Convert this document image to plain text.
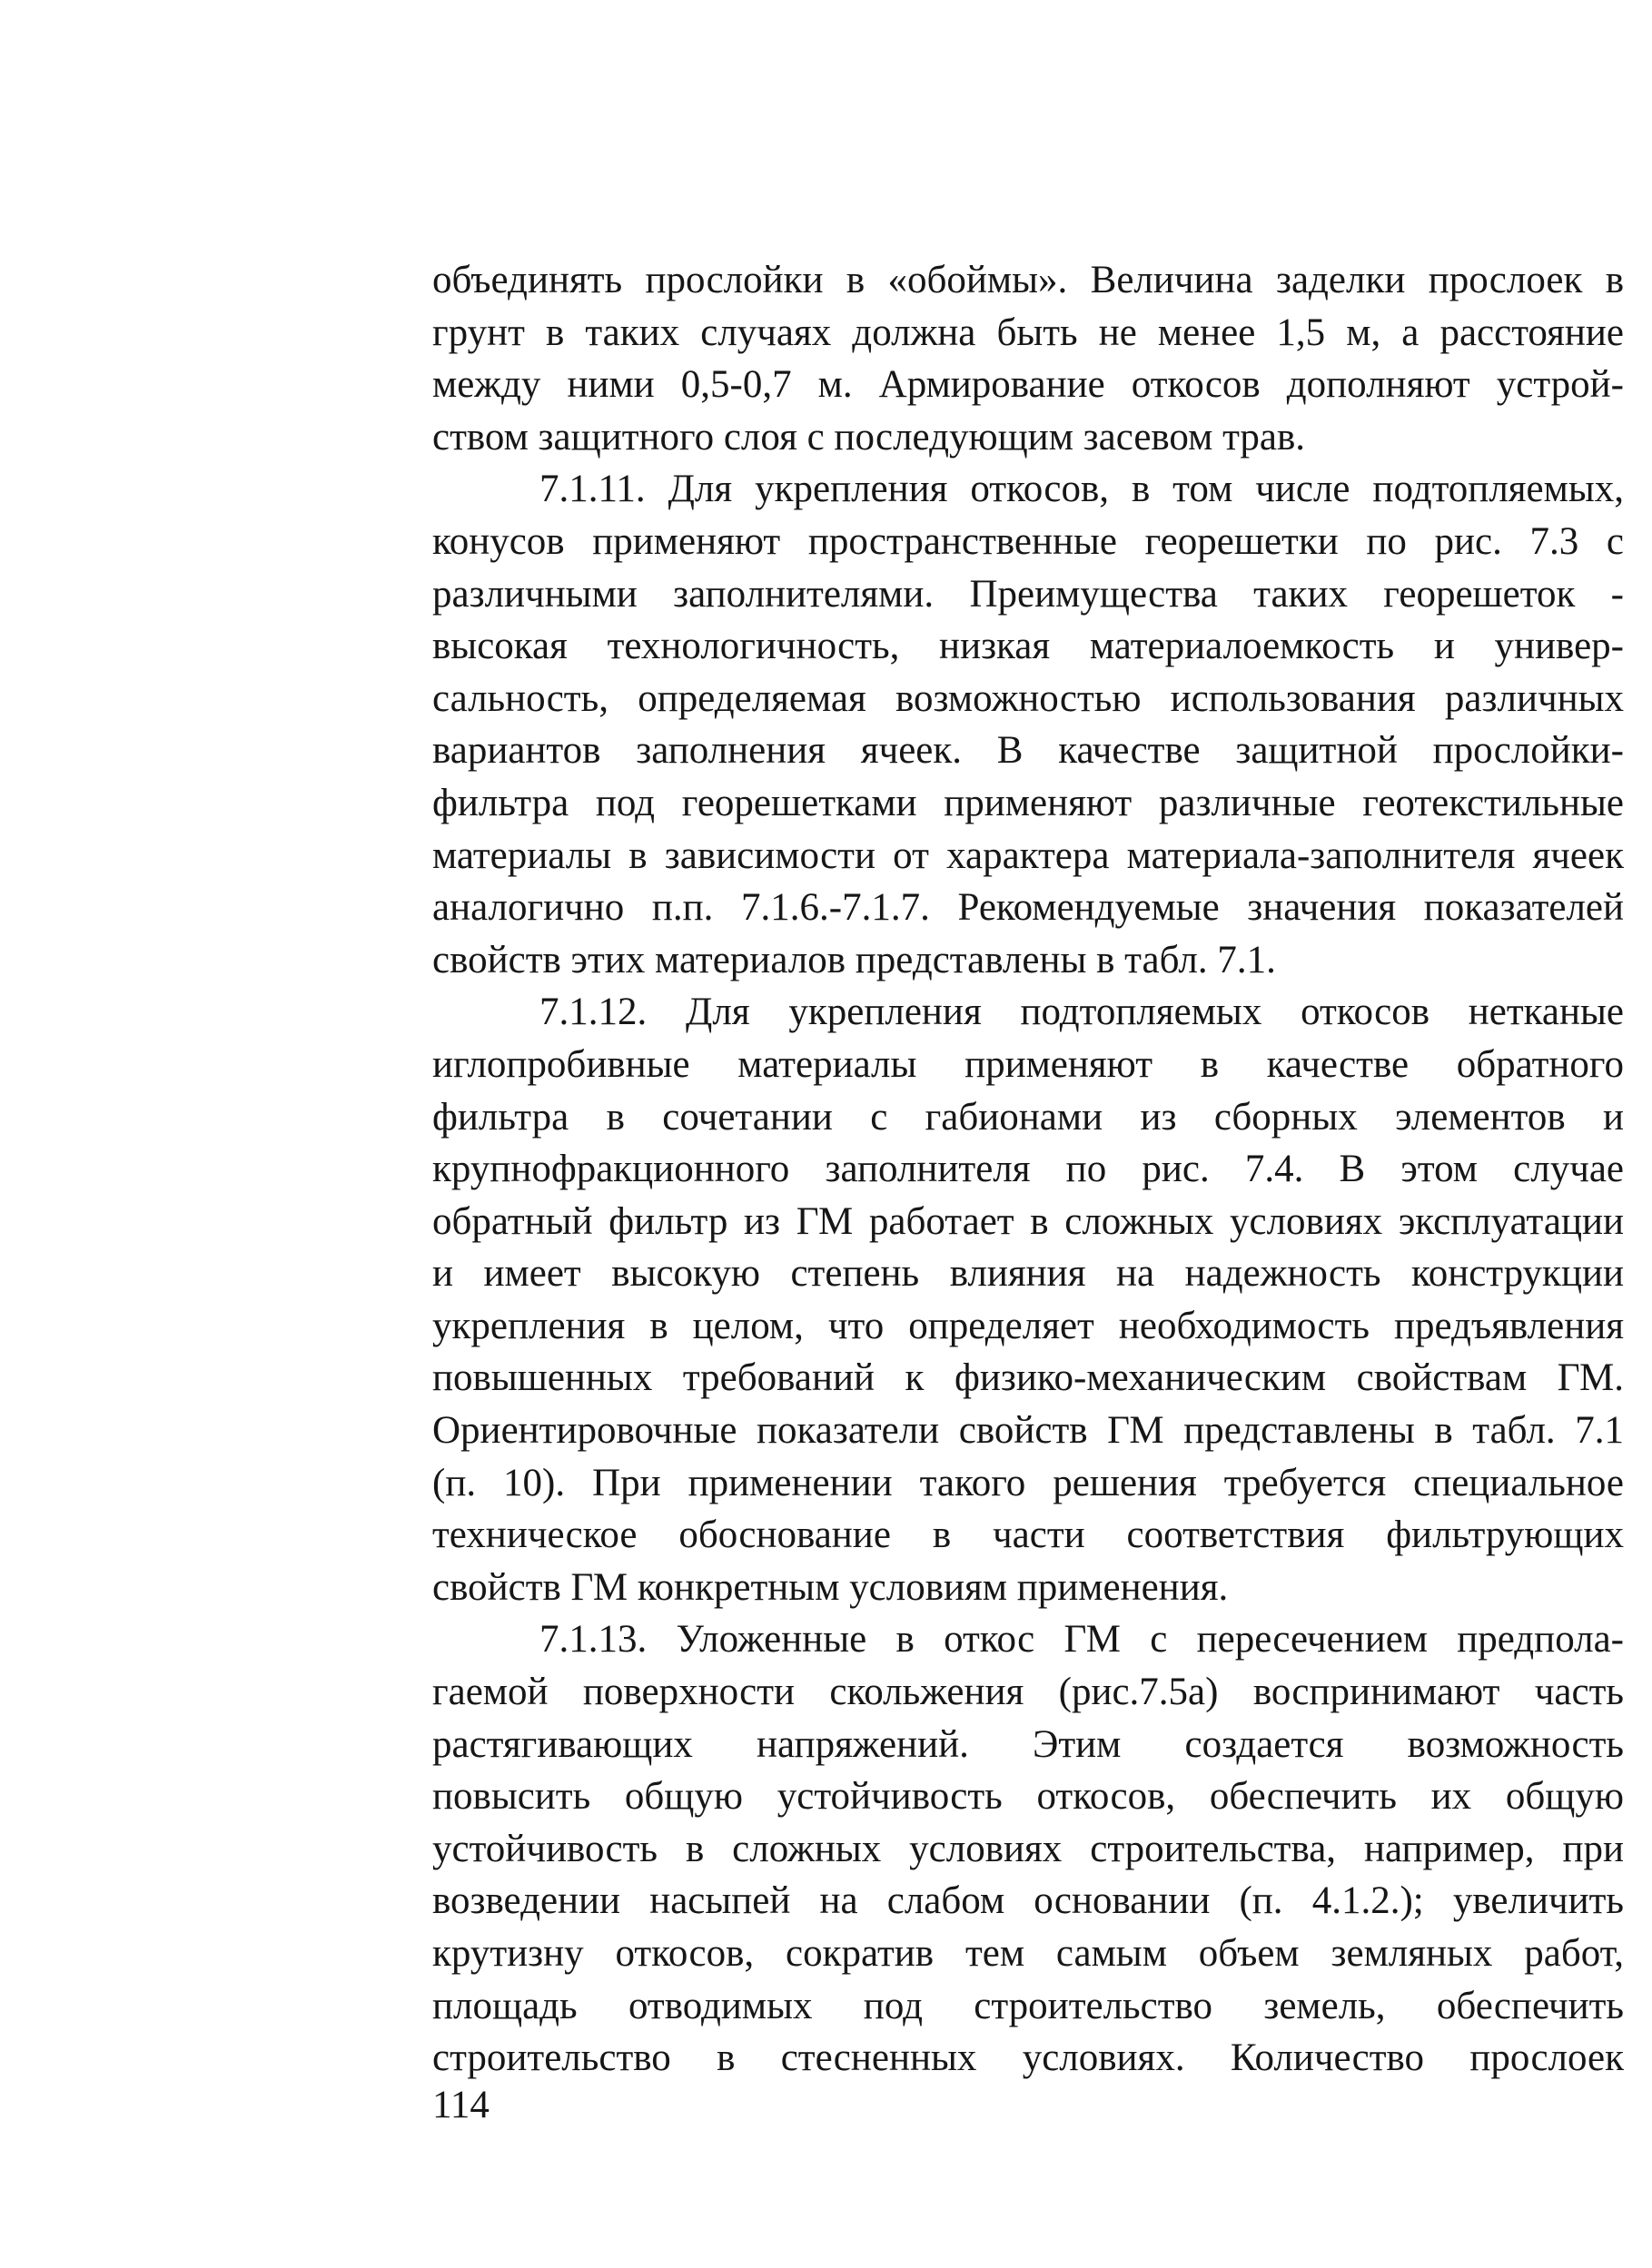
объединять прослойки в «обоймы». Величина заделки прослоек в
грунт в таких случаях должна быть не менее 1,5 м, а расстояние
между ними 0,5-0,7 м. Армирование откосов дополняют устрой-
ством защитного слоя с последующим засевом трав.
7.1.11. Для укрепления откосов, в том числе подтопляемых,
конусов применяют пространственные георешетки по рис. 7.3 с
различными заполнителями. Преимущества таких георешеток -
высокая технологичность, низкая материалоемкость и универ-
сальность, определяемая возможностью использования различных
вариантов заполнения ячеек. В качестве защитной прослойки-
фильтра под георешетками применяют различные геотекстильные
материалы в зависимости от характера материала-заполнителя ячеек
аналогично п.п. 7.1.6.-7.1.7. Рекомендуемые значения показателей
свойств этих материалов представлены в табл. 7.1.
7.1.12. Для укрепления подтопляемых откосов нетканые
иглопробивные материалы применяют в качестве обратного
фильтра в сочетании с габионами из сборных элементов и
крупнофракционного заполнителя по рис. 7.4. В этом случае
обратный фильтр из ГМ работает в сложных условиях эксплуатации
и имеет высокую степень влияния на надежность конструкции
укрепления в целом, что определяет необходимость предъявления
повышенных требований к физико-механическим свойствам ГМ.
Ориентировочные показатели свойств ГМ представлены в табл. 7.1
(п. 10). При применении такого решения требуется специальное
техническое обоснование в части соответствия фильтрующих
свойств ГМ конкретным условиям применения.
7.1.13. Уложенные в откос ГМ с пересечением предпола-
гаемой поверхности скольжения (рис.7.5а) воспринимают часть
растягивающих напряжений. Этим создается возможность
повысить общую устойчивость откосов, обеспечить их общую
устойчивость в сложных условиях строительства, например, при
возведении насыпей на слабом основании (п. 4.1.2.); увеличить
крутизну откосов, сократив тем самым объем земляных работ,
площадь отводимых под строительство земель, обеспечить
строительство в стесненных условиях. Количество прослоек
114
